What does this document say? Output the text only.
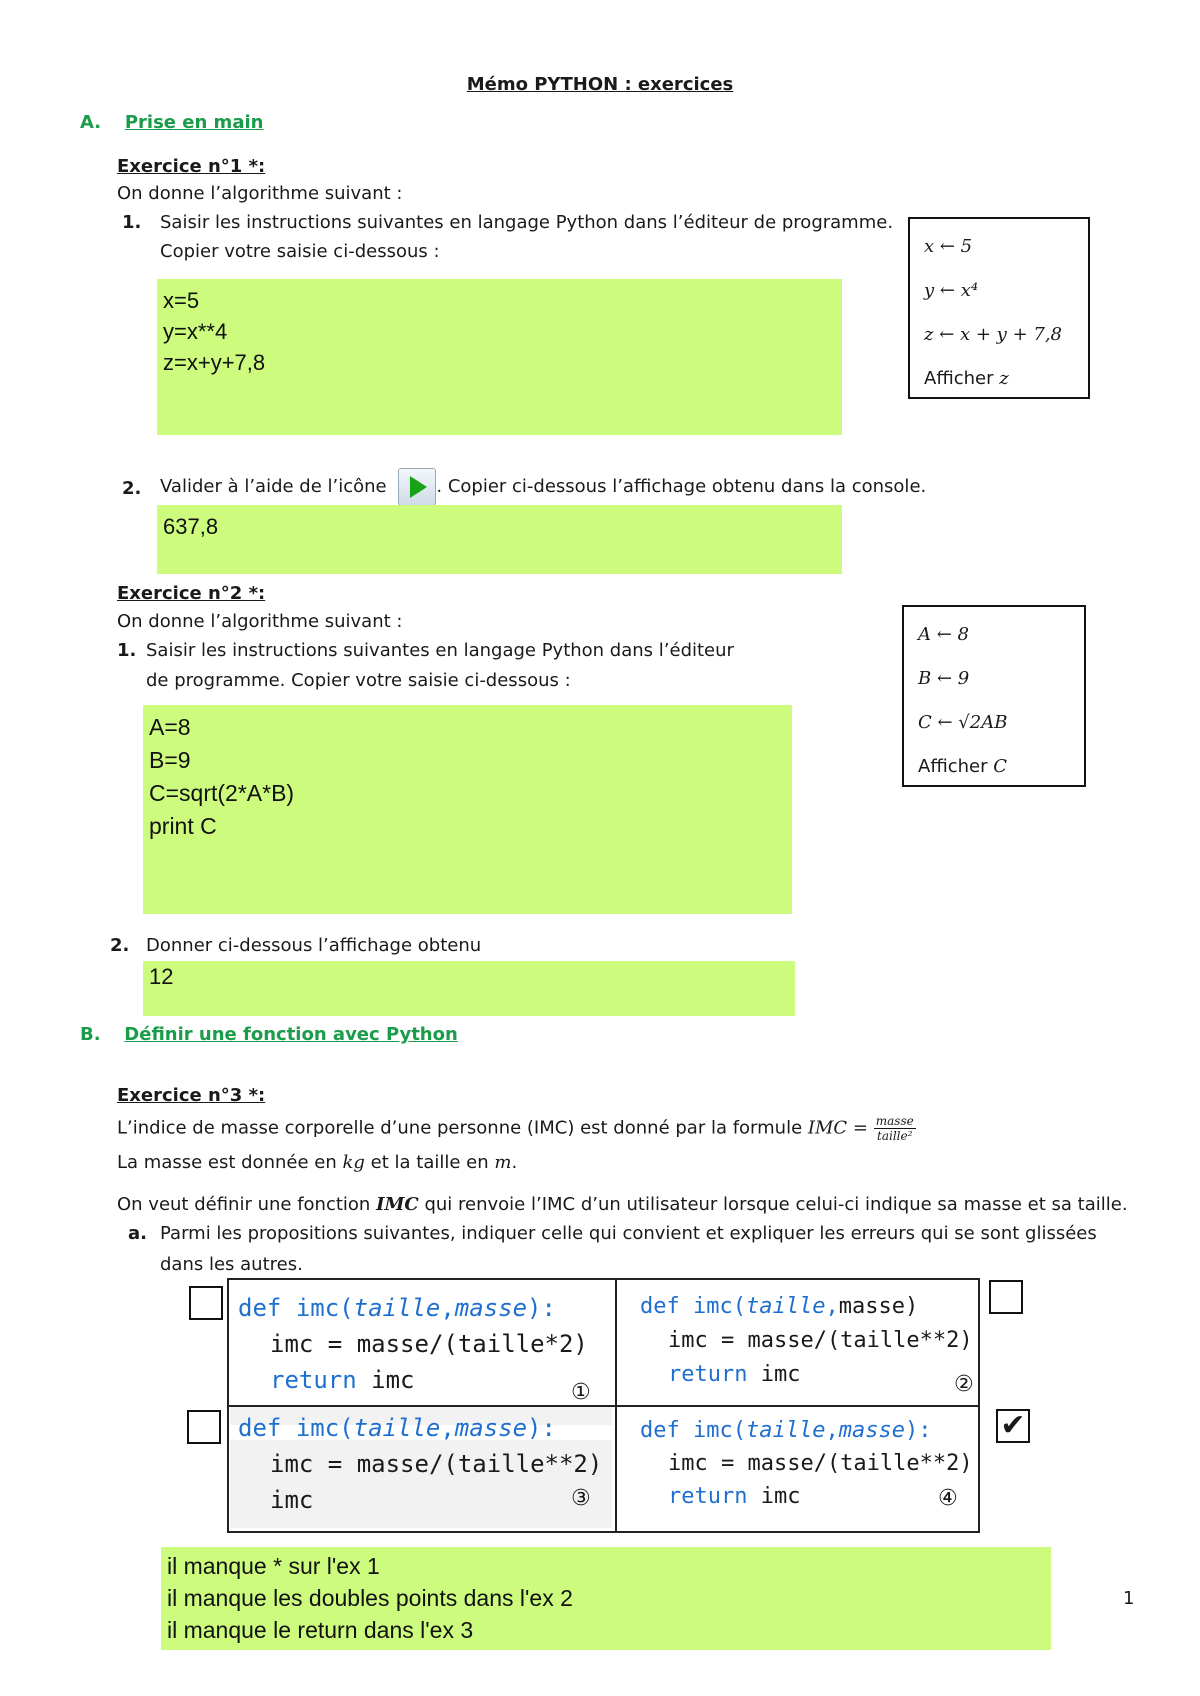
Mémo PYTHON : exercices
A. Prise en main
Exercice n°1 *:
On donne l’algorithme suivant :
1. Saisir les instructions suivantes en langage Python dans l’éditeur de programme.
Copier votre saisie ci-dessous :
x=5
y=x**4
z=x+y+7,8
x ← 5
y ← x⁴
z ← x + y + 7,8
Afficher z
2. Valider à l’aide de l’icône	. Copier ci-dessous l’affichage obtenu dans la console.
637,8
Exercice n°2 *:
On donne l’algorithme suivant :
1. Saisir les instructions suivantes en langage Python dans l’éditeur
de programme. Copier votre saisie ci-dessous :
A=8
B=9
C=sqrt(2*A*B)
print C
A ← 8
B ← 9
C ← √2AB
Afficher C
2. Donner ci-dessous l’affichage obtenu
12
B. Définir une fonction avec Python
Exercice n°3 *:
L’indice de masse corporelle d’une personne (IMC) est donné par la formule IMC = $\frac{\text{masse}}{\text{taille²}}$
La masse est donnée en kg et la taille en m.
On veut définir une fonction IMC qui renvoie l’IMC d’un utilisateur lorsque celui-ci indique sa masse et sa taille.
a. Parmi les propositions suivantes, indiquer celle qui convient et expliquer les erreurs qui se sont glissées
dans les autres.
def imc(taille,masse):
imc = masse/(taille*2)
return imc	①
def imc(taille,masse)
imc = masse/(taille**2)
return imc	②
def imc(taille,masse):
imc = masse/(taille**2)
imc	③
def imc(taille,masse):
imc = masse/(taille**2)
return imc	④
✔
il manque * sur l'ex 1
il manque les doubles points dans l'ex 2
il manque le return dans l'ex 3
1
